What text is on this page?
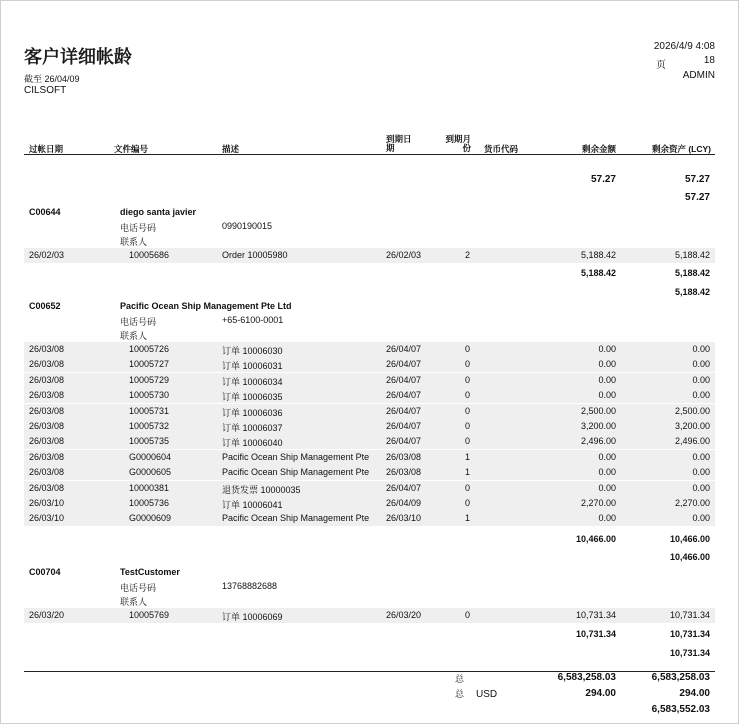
客户详细帐龄
截至 26/04/09
CILSOFT
2026/4/9 4:08
页	18
ADMIN
过帐日期	文件编号	描述
到期日
期
到期月
份 货币代码	剩余金额	剩余资产 (LCY)
57.27	57.27
57.27
C00644	diego santa javier
电话号码	0990190015
联系人
26/02/03	10005686	Order 10005980	26/02/03	2	5,188.42	5,188.42
5,188.42	5,188.42
5,188.42
C00652	Pacific Ocean Ship Management Pte Ltd
电话号码	+65-6100-0001
联系人
26/03/08	10005726	订单 10006030	26/04/07	0	0.00	0.00
26/03/08	10005727	订单 10006031	26/04/07	0	0.00	0.00
26/03/08	10005729	订单 10006034	26/04/07	0	0.00	0.00
26/03/08	10005730	订单 10006035	26/04/07	0	0.00	0.00
26/03/08	10005731	订单 10006036	26/04/07	0	2,500.00	2,500.00
26/03/08	10005732	订单 10006037	26/04/07	0	3,200.00	3,200.00
26/03/08	10005735	订单 10006040	26/04/07	0	2,496.00	2,496.00
26/03/08	G0000604	Pacific Ocean Ship Management Pte 26/03/08	1	0.00	0.00
26/03/08	G0000605	Pacific Ocean Ship Management Pte 26/03/08	1	0.00	0.00
26/03/08	10000381	退货发票 10000035	26/04/07	0	0.00	0.00
26/03/10	10005736	订单 10006041	26/04/09	0	2,270.00	2,270.00
26/03/10	G0000609	Pacific Ocean Ship Management Pte 26/03/10	1	0.00	0.00
10,466.00	10,466.00
10,466.00
C00704	TestCustomer
电话号码	13768882688
联系人
26/03/20	10005769	订单 10006069	26/03/20	0	10,731.34	10,731.34
10,731.34	10,731.34
10,731.34
总	6,583,258.03	6,583,258.03
总 USD	294.00	294.00
6,583,552.03
